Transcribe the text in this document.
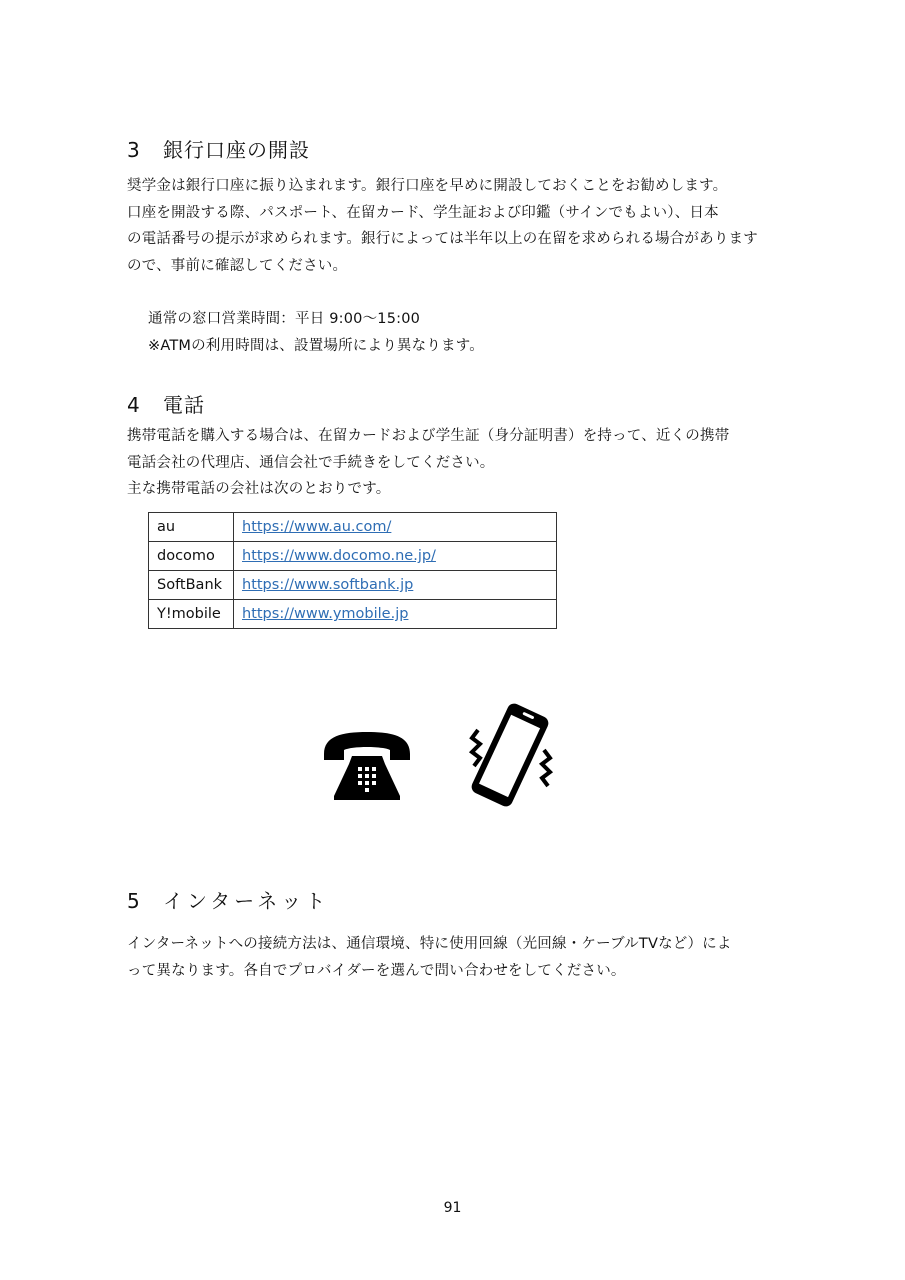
3 銀行口座の開設

奨学金は銀行口座に振り込まれます。銀行口座を早めに開設しておくことをお勧めします。

口座を開設する際、パスポート、在留カード、学生証および印鑑（サインでもよい）、日本

の電話番号の提示が求められます。銀行によっては半年以上の在留を求められる場合があります

ので、事前に確認してください。

通常の窓口営業時間：平日 9:00～15:00

※ATMの利用時間は、設置場所により異なります。

4 電話

携帯電話を購入する場合は、在留カードおよび学生証（身分証明書）を持って、近くの携帯

電話会社の代理店、通信会社で手続きをしてください。

主な携帯電話の会社は次のとおりです。

au	https://www.au.com/
docomo	https://www.docomo.ne.jp/
SoftBank	https://www.softbank.jp
Y!mobile	https://www.ymobile.jp
5 インターネット

インターネットへの接続方法は、通信環境、特に使用回線（光回線・ケーブルTVなど）によ

って異なります。各自でプロバイダーを選んで問い合わせをしてください。

91
